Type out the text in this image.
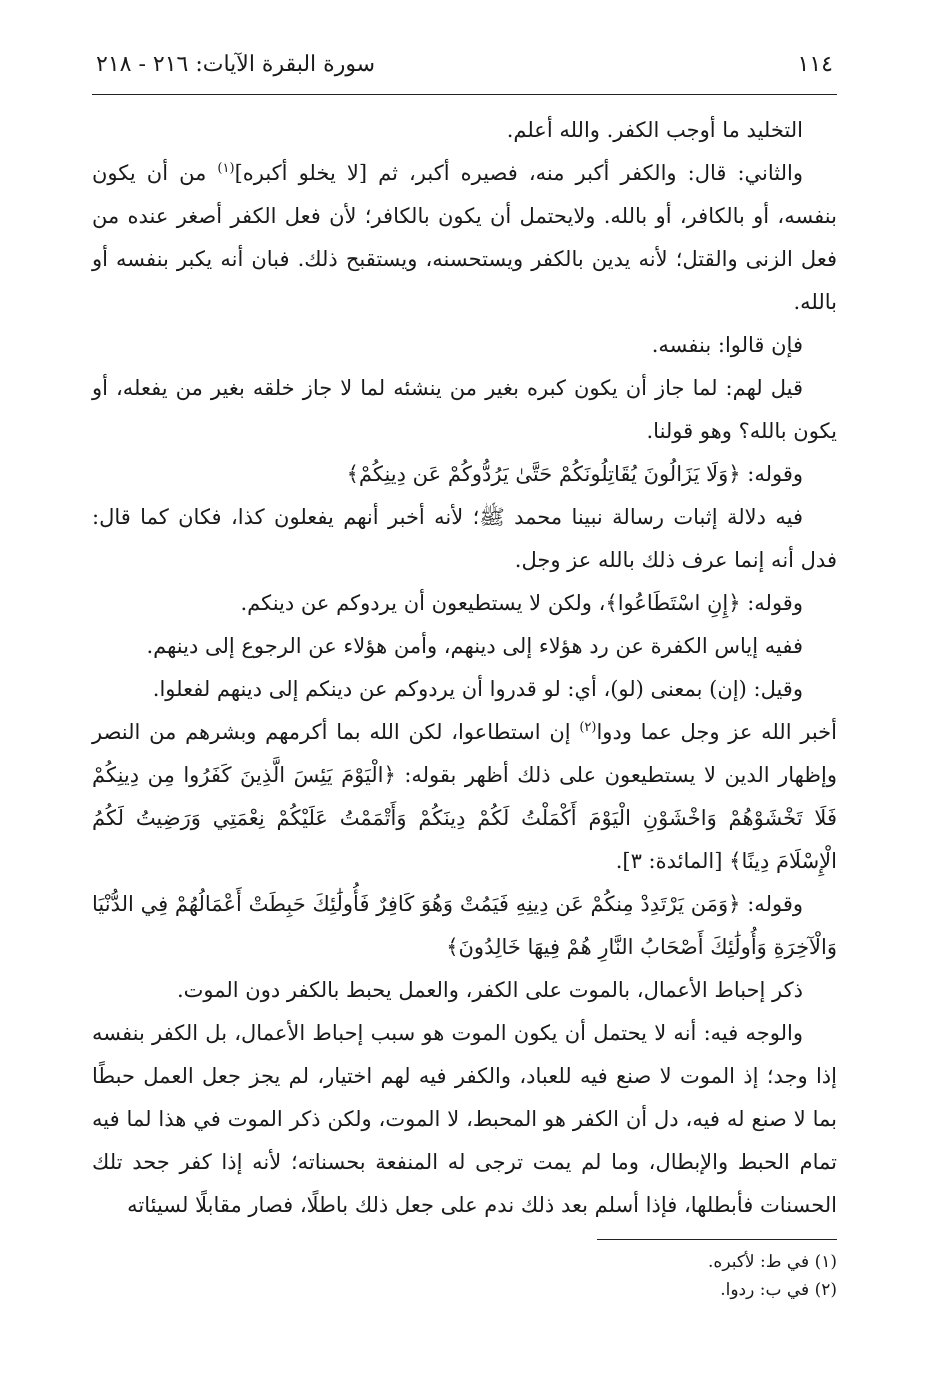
١١٤
سورة البقرة الآيات: ٢١٦ - ٢١٨

التخليد ما أوجب الكفر. والله أعلم.

والثاني: قال: والكفر أكبر منه، فصيره أكبر، ثم [لا يخلو أكبره]$^{(١)}$ من أن يكون بنفسه، أو بالكافر، أو بالله. ولايحتمل أن يكون بالكافر؛ لأن فعل الكفر أصغر عنده من فعل الزنى والقتل؛ لأنه يدين بالكفر ويستحسنه، ويستقبح ذلك. فبان أنه يكبر بنفسه أو بالله.

فإن قالوا: بنفسه.

قيل لهم: لما جاز أن يكون كبره بغير من ينشئه لما لا جاز خلقه بغير من يفعله، أو يكون بالله؟ وهو قولنا.

وقوله: ﴿وَلَا يَزَالُونَ يُقَاتِلُونَكُمْ حَتَّىٰ يَرُدُّوكُمْ عَن دِينِكُمْ﴾

فيه دلالة إثبات رسالة نبينا محمد ﷺ؛ لأنه أخبر أنهم يفعلون كذا، فكان كما قال: فدل أنه إنما عرف ذلك بالله عز وجل.

وقوله: ﴿إِنِ اسْتَطَاعُوا﴾، ولكن لا يستطيعون أن يردوكم عن دينكم.

ففيه إياس الكفرة عن رد هؤلاء إلى دينهم، وأمن هؤلاء عن الرجوع إلى دينهم.

وقيل: (إن) بمعنى (لو)، أي: لو قدروا أن يردوكم عن دينكم إلى دينهم لفعلوا.

أخبر الله عز وجل عما ودوا$^{(٢)}$ إن استطاعوا، لكن الله بما أكرمهم وبشرهم من النصر وإظهار الدين لا يستطيعون على ذلك أظهر بقوله: ﴿الْيَوْمَ يَئِسَ الَّذِينَ كَفَرُوا مِن دِينِكُمْ فَلَا تَخْشَوْهُمْ وَاخْشَوْنِ الْيَوْمَ أَكْمَلْتُ لَكُمْ دِينَكُمْ وَأَتْمَمْتُ عَلَيْكُمْ نِعْمَتِي وَرَضِيتُ لَكُمُ الْإِسْلَامَ دِينًا﴾ [المائدة: ٣].

وقوله: ﴿وَمَن يَرْتَدِدْ مِنكُمْ عَن دِينِهِ فَيَمُتْ وَهُوَ كَافِرٌ فَأُولَٰئِكَ حَبِطَتْ أَعْمَالُهُمْ فِي الدُّنْيَا وَالْآخِرَةِ وَأُولَٰئِكَ أَصْحَابُ النَّارِ هُمْ فِيهَا خَالِدُونَ﴾

ذكر إحباط الأعمال، بالموت على الكفر، والعمل يحبط بالكفر دون الموت.

والوجه فيه: أنه لا يحتمل أن يكون الموت هو سبب إحباط الأعمال، بل الكفر بنفسه إذا وجد؛ إذ الموت لا صنع فيه للعباد، والكفر فيه لهم اختيار، لم يجز جعل العمل حبطًا بما لا صنع له فيه، دل أن الكفر هو المحبط، لا الموت، ولكن ذكر الموت في هذا لما فيه تمام الحبط والإبطال، وما لم يمت ترجى له المنفعة بحسناته؛ لأنه إذا كفر جحد تلك الحسنات فأبطلها، فإذا أسلم بعد ذلك ندم على جعل ذلك باطلًا، فصار مقابلًا لسيئاته

(١) في ط: لأكبره.

(٢) في ب: ردوا.
